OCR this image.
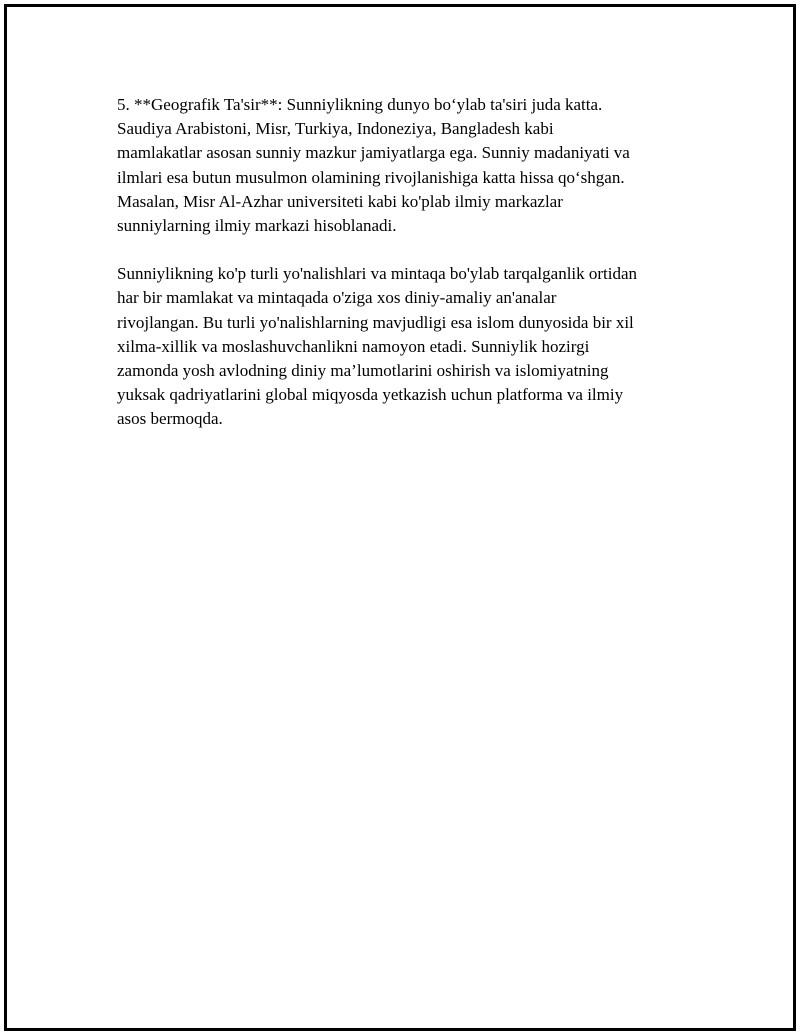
5. **Geografik Ta'sir**: Sunniylikning dunyo bo‘ylab ta'siri juda katta.
Saudiya Arabistoni, Misr, Turkiya, Indoneziya, Bangladesh kabi
mamlakatlar asosan sunniy mazkur jamiyatlarga ega. Sunniy madaniyati va
ilmlari esa butun musulmon olamining rivojlanishiga katta hissa qo‘shgan.
Masalan, Misr Al-Azhar universiteti kabi ko'plab ilmiy markazlar
sunniylarning ilmiy markazi hisoblanadi.

Sunniylikning ko'p turli yo'nalishlari va mintaqa bo'ylab tarqalganlik ortidan
har bir mamlakat va mintaqada o'ziga xos diniy-amaliy an'analar
rivojlangan. Bu turli yo'nalishlarning mavjudligi esa islom dunyosida bir xil
xilma-xillik va moslashuvchanlikni namoyon etadi. Sunniylik hozirgi
zamonda yosh avlodning diniy ma’lumotlarini oshirish va islomiyatning
yuksak qadriyatlarini global miqyosda yetkazish uchun platforma va ilmiy
asos bermoqda.
